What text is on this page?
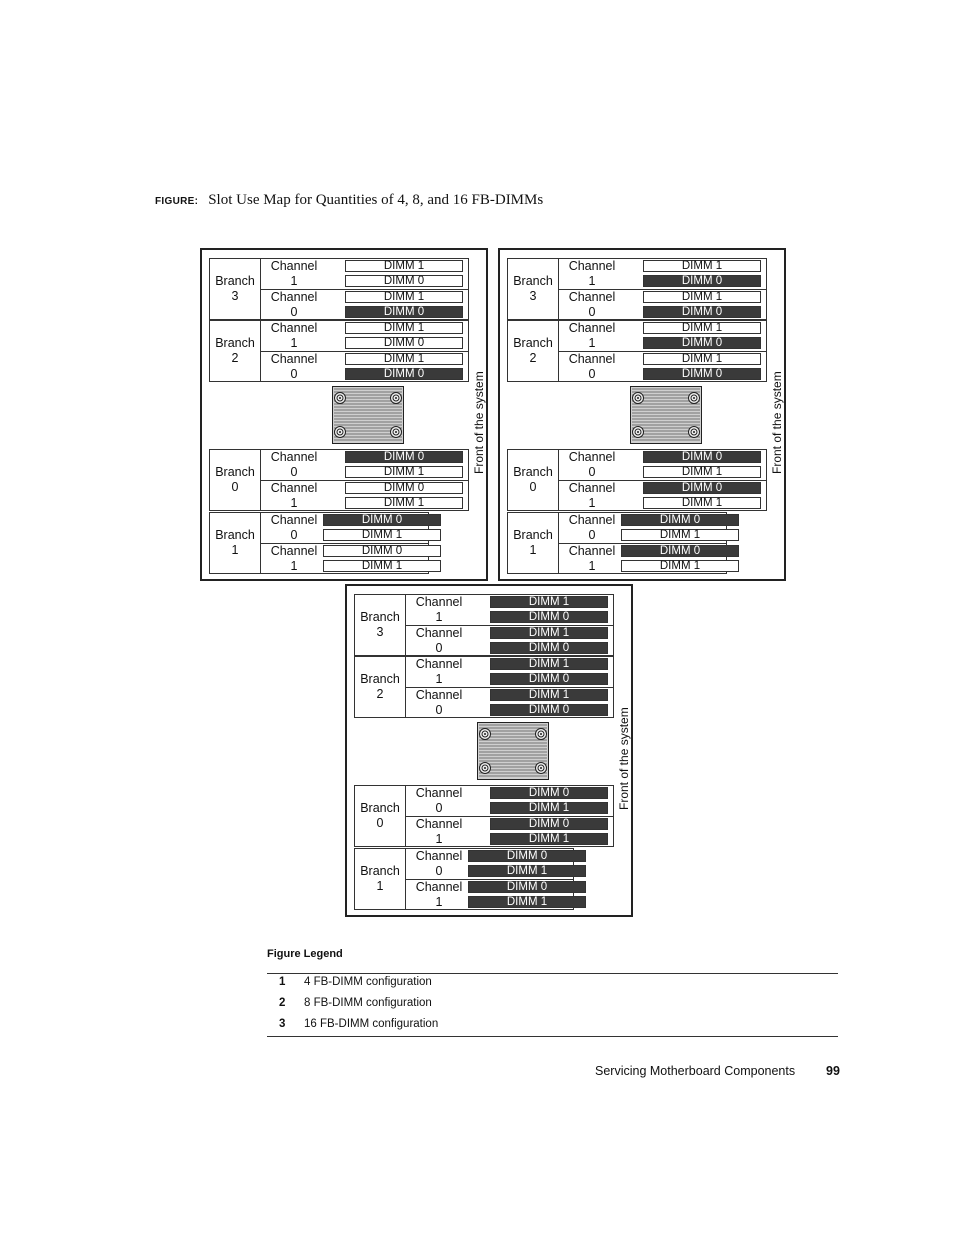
FIGURE: Slot Use Map for Quantities of 4, 8, and 16 FB-DIMMs
Branch
3
Channel
1
DIMM 1
DIMM 0
Channel
0
DIMM 1
DIMM 0
Branch
2
Channel
1
DIMM 1
DIMM 0
Channel
0
DIMM 1
DIMM 0
Branch
0
Channel
0
DIMM 0
DIMM 1
Channel
1
DIMM 0
DIMM 1
Branch
1
Channel
0
DIMM 0
DIMM 1
Channel
1
DIMM 0
DIMM 1
Front of the system
Branch
3
Channel
1
DIMM 1
DIMM 0
Channel
0
DIMM 1
DIMM 0
Branch
2
Channel
1
DIMM 1
DIMM 0
Channel
0
DIMM 1
DIMM 0
Branch
0
Channel
0
DIMM 0
DIMM 1
Channel
1
DIMM 0
DIMM 1
Branch
1
Channel
0
DIMM 0
DIMM 1
Channel
1
DIMM 0
DIMM 1
Front of the system
Branch
3
Channel
1
DIMM 1
DIMM 0
Channel
0
DIMM 1
DIMM 0
Branch
2
Channel
1
DIMM 1
DIMM 0
Channel
0
DIMM 1
DIMM 0
Branch
0
Channel
0
DIMM 0
DIMM 1
Channel
1
DIMM 0
DIMM 1
Branch
1
Channel
0
DIMM 0
DIMM 1
Channel
1
DIMM 0
DIMM 1
Front of the system
Figure Legend
1 4 FB-DIMM configuration
2 8 FB-DIMM configuration
3 16 FB-DIMM configuration
Servicing Motherboard Components 99
